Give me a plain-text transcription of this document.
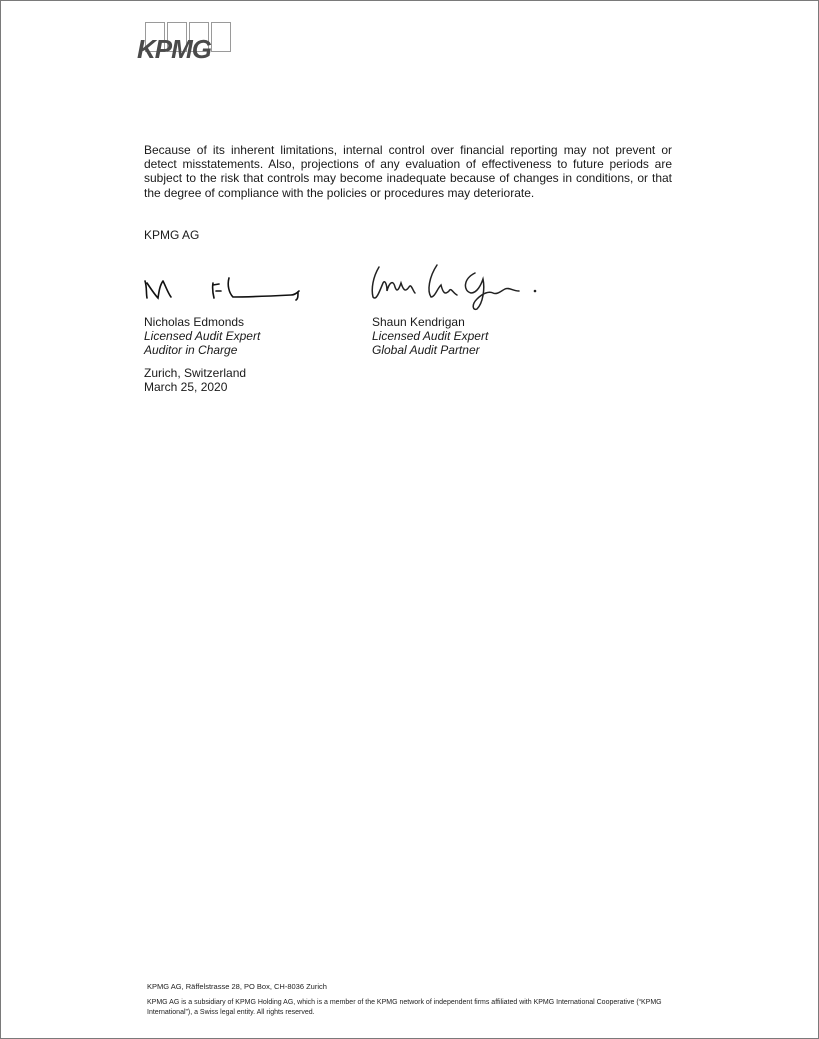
KPMG

Because of its inherent limitations, internal control over financial reporting may not prevent or detect misstatements. Also, projections of any evaluation of effectiveness to future periods are subject to the risk that controls may become inadequate because of changes in conditions, or that the degree of compliance with the policies or procedures may deteriorate.

KPMG AG
Nicholas Edmonds
Licensed Audit Expert
Auditor in Charge
Shaun Kendrigan
Licensed Audit Expert
Global Audit Partner
Zurich, Switzerland
March 25, 2020
KPMG AG, Räffelstrasse 28, PO Box, CH-8036 Zurich

KPMG AG is a subsidiary of KPMG Holding AG, which is a member of the KPMG network of independent firms affiliated with KPMG International Cooperative (“KPMG International”), a Swiss legal entity. All rights reserved.
